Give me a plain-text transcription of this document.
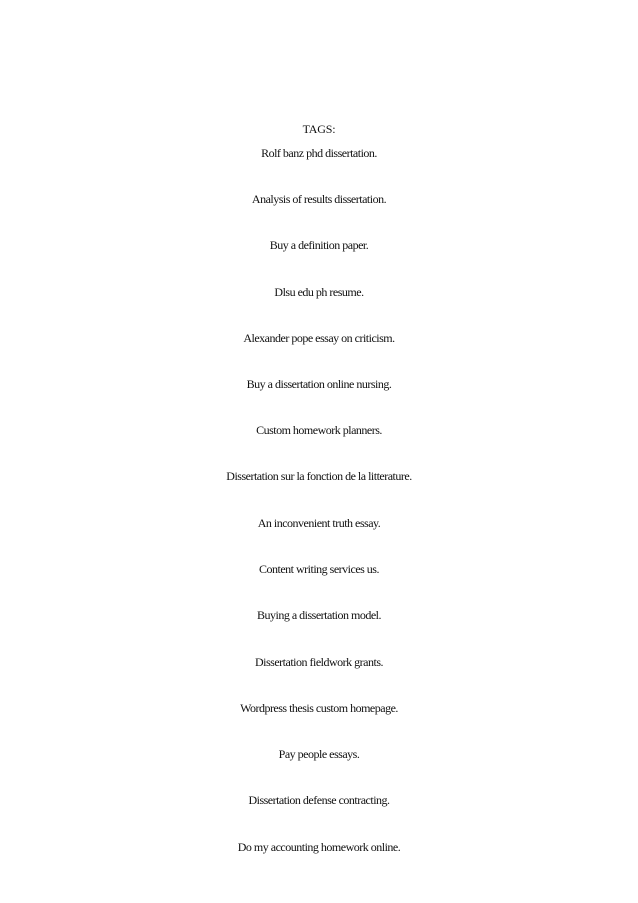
TAGS:
Rolf banz phd dissertation.
Analysis of results dissertation.
Buy a definition paper.
Dlsu edu ph resume.
Alexander pope essay on criticism.
Buy a dissertation online nursing.
Custom homework planners.
Dissertation sur la fonction de la litterature.
An inconvenient truth essay.
Content writing services us.
Buying a dissertation model.
Dissertation fieldwork grants.
Wordpress thesis custom homepage.
Pay people essays.
Dissertation defense contracting.
Do my accounting homework online.
